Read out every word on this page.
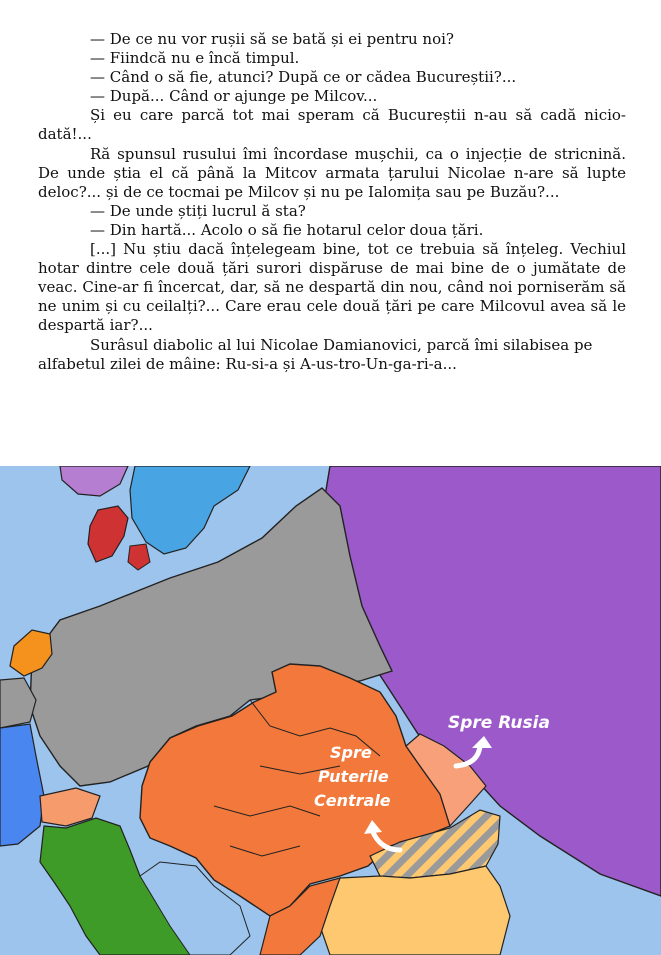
— De ce nu vor rușii să se bată și ei pentru noi?

— Fiindcă nu e încă timpul.

— Când o să fie, atunci? După ce or cădea Bucureștii?...

— După... Când or ajunge pe Milcov...

Și eu care parcă tot mai speram că Bucureștii n-au să cadă nicio-dată!...

Ră spunsul rusului îmi încordase mușchii, ca o injecție de stricnină. De unde știa el că până la Mitcov armata țarului Nicolae n-are să lupte deloc?... și de ce tocmai pe Milcov și nu pe Ialomița sau pe Buzău?...

— De unde știți lucrul ă sta?

— Din hartă... Acolo o să fie hotarul celor doua țări.

[...] Nu știu dacă înțelegeam bine, tot ce trebuia să înțeleg. Vechiul hotar dintre cele două țări surori dispăruse de mai bine de o jumătate de veac. Cine-ar fi încercat, dar, să ne despartă din nou, când noi porniserăm să ne unim și cu ceilalți?... Care erau cele două țări pe care Milcovul avea să le despartă iar?...

Surâsul diabolic al lui Nicolae Damianovici, parcă îmi silabisea pe alfabetul zilei de mâine: Ru-si-a și A-us-tro-Un-ga-ri-a...

Spre Rusia
Spre
Puterile
Centrale
